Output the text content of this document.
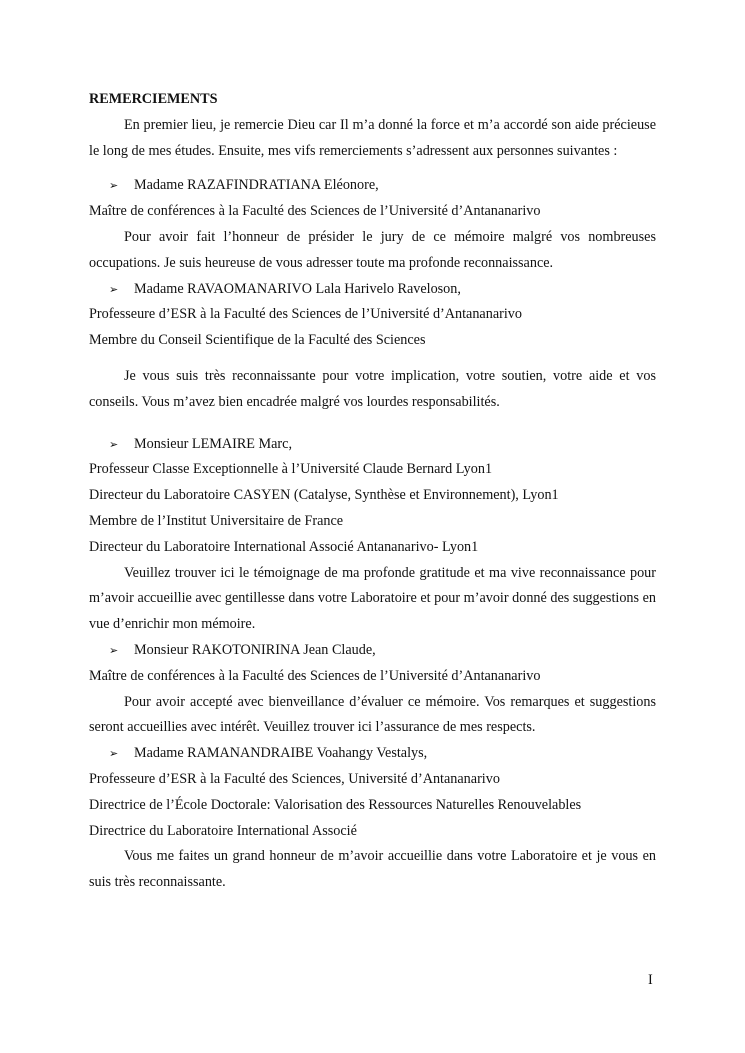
REMERCIEMENTS

En premier lieu, je remercie Dieu car Il m’a donné la force et m’a accordé son aide précieuse le long de mes études. Ensuite, mes vifs remerciements s’adressent aux personnes suivantes :

➢ Madame RAZAFINDRATIANA Eléonore,
Maître de conférences à la Faculté des Sciences de l’Université d’Antananarivo

Pour avoir fait l’honneur de présider le jury de ce mémoire malgré vos nombreuses occupations. Je suis heureuse de vous adresser toute ma profonde reconnaissance.

➢ Madame RAVAOMANARIVO Lala Harivelo Raveloson,
Professeure d’ESR à la Faculté des Sciences de l’Université d’Antananarivo
Membre du Conseil Scientifique de la Faculté des Sciences

Je vous suis très reconnaissante pour votre implication, votre soutien, votre aide et vos conseils. Vous m’avez bien encadrée malgré vos lourdes responsabilités.

➢ Monsieur LEMAIRE Marc,
Professeur Classe Exceptionnelle à l’Université Claude Bernard Lyon1
Directeur du Laboratoire CASYEN (Catalyse, Synthèse et Environnement), Lyon1
Membre de l’Institut Universitaire de France
Directeur du Laboratoire International Associé Antananarivo- Lyon1

Veuillez trouver ici le témoignage de ma profonde gratitude et ma vive reconnaissance pour m’avoir accueillie avec gentillesse dans votre Laboratoire et pour m’avoir donné des suggestions en vue d’enrichir mon mémoire.

➢ Monsieur RAKOTONIRINA Jean Claude,
Maître de conférences à la Faculté des Sciences de l’Université d’Antananarivo

Pour avoir accepté avec bienveillance d’évaluer ce mémoire. Vos remarques et suggestions seront accueillies avec intérêt. Veuillez trouver ici l’assurance de mes respects.

➢ Madame RAMANANDRAIBE Voahangy Vestalys,
Professeure d’ESR à la Faculté des Sciences, Université d’Antananarivo
Directrice de l’École Doctorale: Valorisation des Ressources Naturelles Renouvelables
Directrice du Laboratoire International Associé

Vous me faites un grand honneur de m’avoir accueillie dans votre Laboratoire et je vous en suis très reconnaissante.

I
